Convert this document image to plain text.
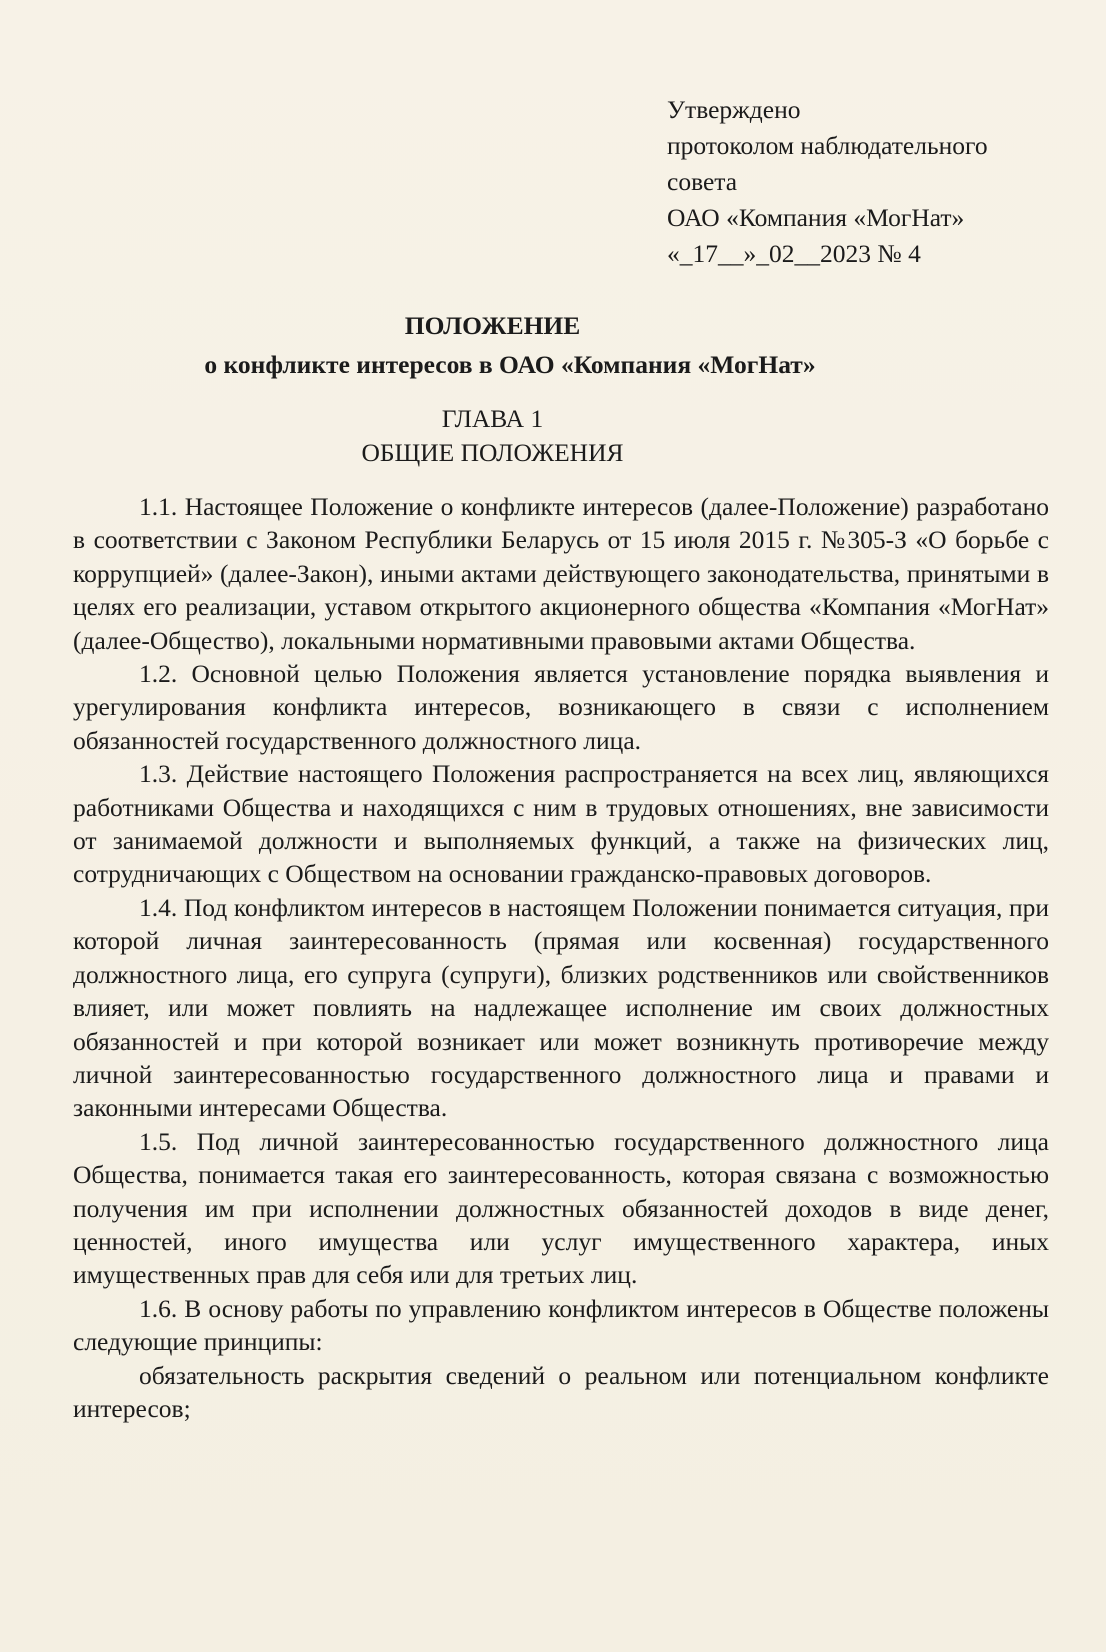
Утверждено
протоколом наблюдательного
совета
ОАО «Компания «МогНат»
«_17__»_02__2023 № 4
ПОЛОЖЕНИЕ
о конфликте интересов в ОАО «Компания «МогНат»
ГЛАВА 1
ОБЩИЕ ПОЛОЖЕНИЯ

1.1. Настоящее Положение о конфликте интересов (далее-Положение) разработано в соответствии с Законом Республики Беларусь от 15 июля 2015 г. №305-З «О борьбе с коррупцией» (далее-Закон), иными актами действующего законодательства, принятыми в целях его реализации, уставом открытого акционерного общества «Компания «МогНат» (далее-Общество), локальными нормативными правовыми актами Общества.

1.2. Основной целью Положения является установление порядка выявления и урегулирования конфликта интересов, возникающего в связи с исполнением обязанностей государственного должностного лица.

1.3. Действие настоящего Положения распространяется на всех лиц, являющихся работниками Общества и находящихся с ним в трудовых отношениях, вне зависимости от занимаемой должности и выполняемых функций, а также на физических лиц, сотрудничающих с Обществом на основании гражданско-правовых договоров.

1.4. Под конфликтом интересов в настоящем Положении понимается ситуация, при которой личная заинтересованность (прямая или косвенная) государственного должностного лица, его супруга (супруги), близких родственников или свойственников влияет, или может повлиять на надлежащее исполнение им своих должностных обязанностей и при которой возникает или может возникнуть противоречие между личной заинтересованностью государственного должностного лица и правами и законными интересами Общества.

1.5. Под личной заинтересованностью государственного должностного лица Общества, понимается такая его заинтересованность, которая связана с возможностью получения им при исполнении должностных обязанностей доходов в виде денег, ценностей, иного имущества или услуг имущественного характера, иных имущественных прав для себя или для третьих лиц.

1.6. В основу работы по управлению конфликтом интересов в Обществе положены следующие принципы:

обязательность раскрытия сведений о реальном или потенциальном конфликте интересов;
